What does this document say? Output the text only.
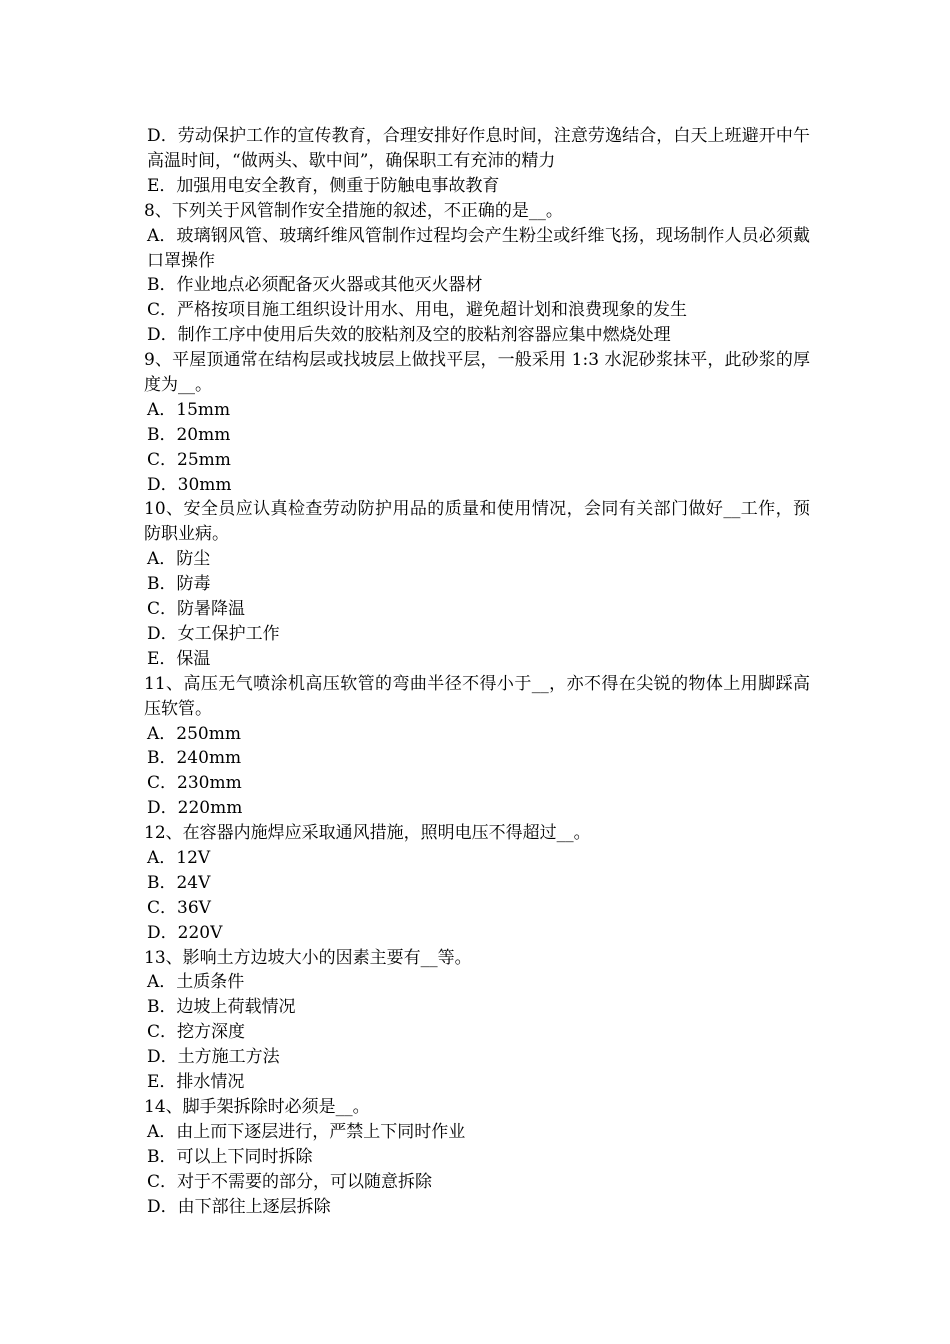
D．劳动保护工作的宣传教育，合理安排好作息时间，注意劳逸结合，白天上班避开中午高温时间，“做两头、歇中间”，确保职工有充沛的精力
E．加强用电安全教育，侧重于防触电事故教育
8、下列关于风管制作安全措施的叙述，不正确的是__。
A．玻璃钢风管、玻璃纤维风管制作过程均会产生粉尘或纤维飞扬，现场制作人员必须戴口罩操作
B．作业地点必须配备灭火器或其他灭火器材
C．严格按项目施工组织设计用水、用电，避免超计划和浪费现象的发生
D．制作工序中使用后失效的胶粘剂及空的胶粘剂容器应集中燃烧处理
9、平屋顶通常在结构层或找坡层上做找平层，一般采用 1:3 水泥砂浆抹平，此砂浆的厚度为__。
A．15mm
B．20mm
C．25mm
D．30mm
10、安全员应认真检查劳动防护用品的质量和使用情况，会同有关部门做好__工作，预防职业病。
A．防尘
B．防毒
C．防暑降温
D．女工保护工作
E．保温
11、高压无气喷涂机高压软管的弯曲半径不得小于__，亦不得在尖锐的物体上用脚踩高压软管。
A．250mm
B．240mm
C．230mm
D．220mm
12、在容器内施焊应采取通风措施，照明电压不得超过__。
A．12V
B．24V
C．36V
D．220V
13、影响土方边坡大小的因素主要有__等。
A．土质条件
B．边坡上荷载情况
C．挖方深度
D．土方施工方法
E．排水情况
14、脚手架拆除时必须是__。
A．由上而下逐层进行，严禁上下同时作业
B．可以上下同时拆除
C．对于不需要的部分，可以随意拆除
D．由下部往上逐层拆除
